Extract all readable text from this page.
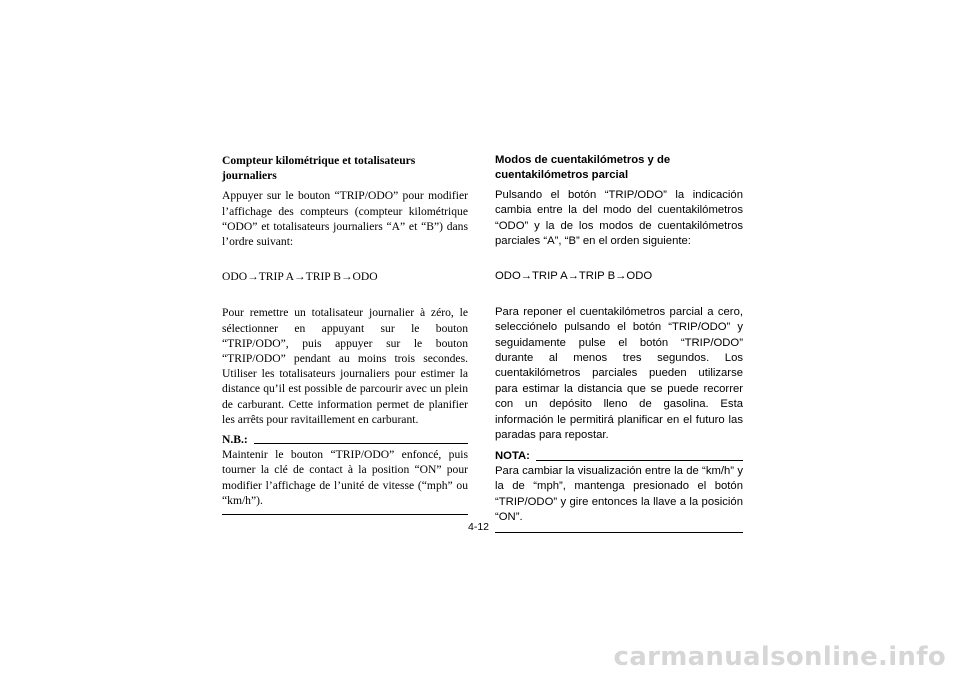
Compteur kilométrique et totalisateurs journaliers

Appuyer sur le bouton “TRIP/ODO” pour modifier l’affichage des compteurs (compteur kilométrique “ODO” et totalisateurs journaliers “A” et “B”) dans l’ordre suivant:

ODO→TRIP A→TRIP B→ODO

Pour remettre un totalisateur journalier à zéro, le sélectionner en appuyant sur le bouton “TRIP/ODO”, puis appuyer sur le bouton “TRIP/ODO” pendant au moins trois secondes. Utiliser les totalisateurs journaliers pour estimer la distance qu’il est possible de parcourir avec un plein de carburant. Cette information permet de planifier les arrêts pour ravitaillement en carburant.

N.B.:

Maintenir le bouton “TRIP/ODO” enfoncé, puis tourner la clé de contact à la position “ON” pour modifier l’affichage de l’unité de vitesse (“mph” ou “km/h”).

Modos de cuentakilómetros y de cuentakilómetros parcial

Pulsando el botón “TRIP/ODO” la indicación cambia entre la del modo del cuentakilómetros “ODO” y la de los modos de cuentakilómetros parciales “A”, “B” en el orden siguiente:

ODO→TRIP A→TRIP B→ODO

Para reponer el cuentakilómetros parcial a cero, selecciónelo pulsando el botón “TRIP/ODO” y seguidamente pulse el botón “TRIP/ODO” durante al menos tres segundos. Los cuentakilómetros parciales pueden utilizarse para estimar la distancia que se puede recorrer con un depósito lleno de gasolina. Esta información le permitirá planificar en el futuro las paradas para repostar.

NOTA:

Para cambiar la visualización entre la de “km/h” y la de “mph”, mantenga presionado el botón “TRIP/ODO” y gire entonces la llave a la posición “ON”.

4-12
carmanualsonline.info
